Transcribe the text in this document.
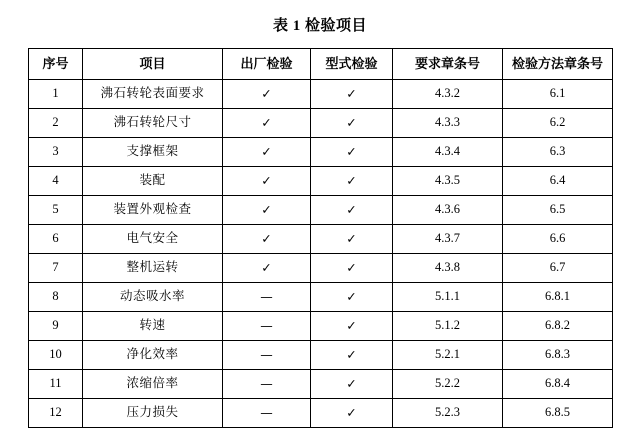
表 1 检验项目
序号	项目	出厂检验	型式检验	要求章条号	检验方法章条号
1	沸石转轮表面要求	✓	✓	4.3.2	6.1
2	沸石转轮尺寸	✓	✓	4.3.3	6.2
3	支撑框架	✓	✓	4.3.4	6.3
4	装配	✓	✓	4.3.5	6.4
5	装置外观检查	✓	✓	4.3.6	6.5
6	电气安全	✓	✓	4.3.7	6.6
7	整机运转	✓	✓	4.3.8	6.7
8	动态吸水率	—	✓	5.1.1	6.8.1
9	转速	—	✓	5.1.2	6.8.2
10	净化效率	—	✓	5.2.1	6.8.3
11	浓缩倍率	—	✓	5.2.2	6.8.4
12	压力损失	—	✓	5.2.3	6.8.5
